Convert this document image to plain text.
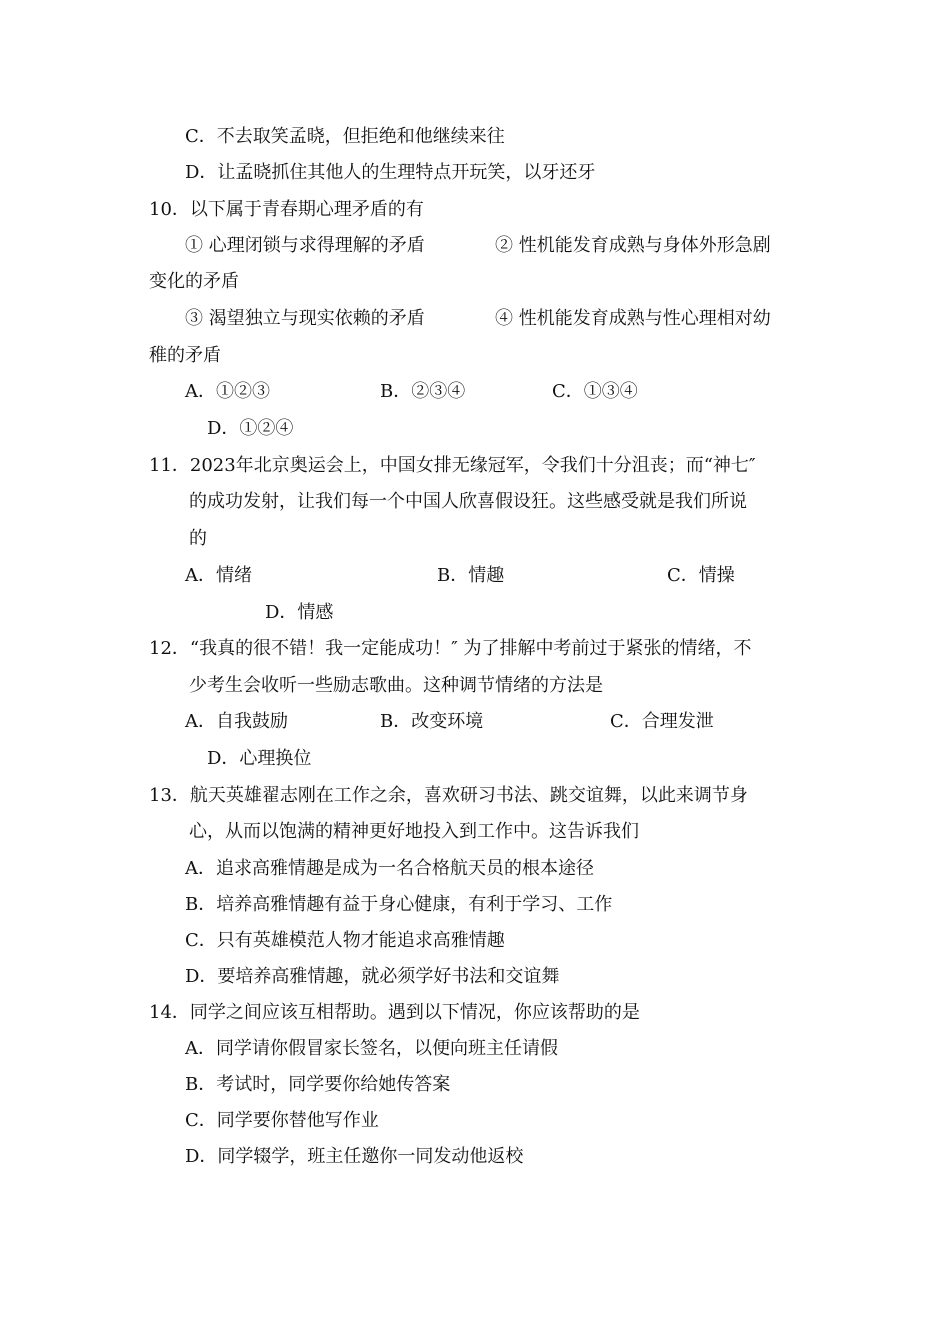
C．不去取笑孟晓，但拒绝和他继续来往
D．让孟晓抓住其他人的生理特点开玩笑，以牙还牙
10．以下属于青春期心理矛盾的有
① 心理闭锁与求得理解的矛盾	② 性机能发育成熟与身体外形急剧
变化的矛盾
③ 渴望独立与现实依赖的矛盾	④ 性机能发育成熟与性心理相对幼
稚的矛盾
A．①②③	B．②③④	C．①③④
D．①②④
11．2023年北京奥运会上，中国女排无缘冠军，令我们十分沮丧；而“神七″
的成功发射，让我们每一个中国人欣喜假设狂。这些感受就是我们所说
的
A．情绪	B．情趣	C．情操
D．情感
12．“我真的很不错！我一定能成功！″ 为了排解中考前过于紧张的情绪，不
少考生会收听一些励志歌曲。这种调节情绪的方法是
A．自我鼓励	B．改变环境	C．合理发泄
D．心理换位
13．航天英雄翟志刚在工作之余，喜欢研习书法、跳交谊舞，以此来调节身
心，从而以饱满的精神更好地投入到工作中。这告诉我们
A．追求高雅情趣是成为一名合格航天员的根本途径
B．培养高雅情趣有益于身心健康，有利于学习、工作
C．只有英雄模范人物才能追求高雅情趣
D．要培养高雅情趣，就必须学好书法和交谊舞
14．同学之间应该互相帮助。遇到以下情况，你应该帮助的是
A．同学请你假冒家长签名，以便向班主任请假
B．考试时，同学要你给她传答案
C．同学要你替他写作业
D．同学辍学，班主任邀你一同发动他返校
